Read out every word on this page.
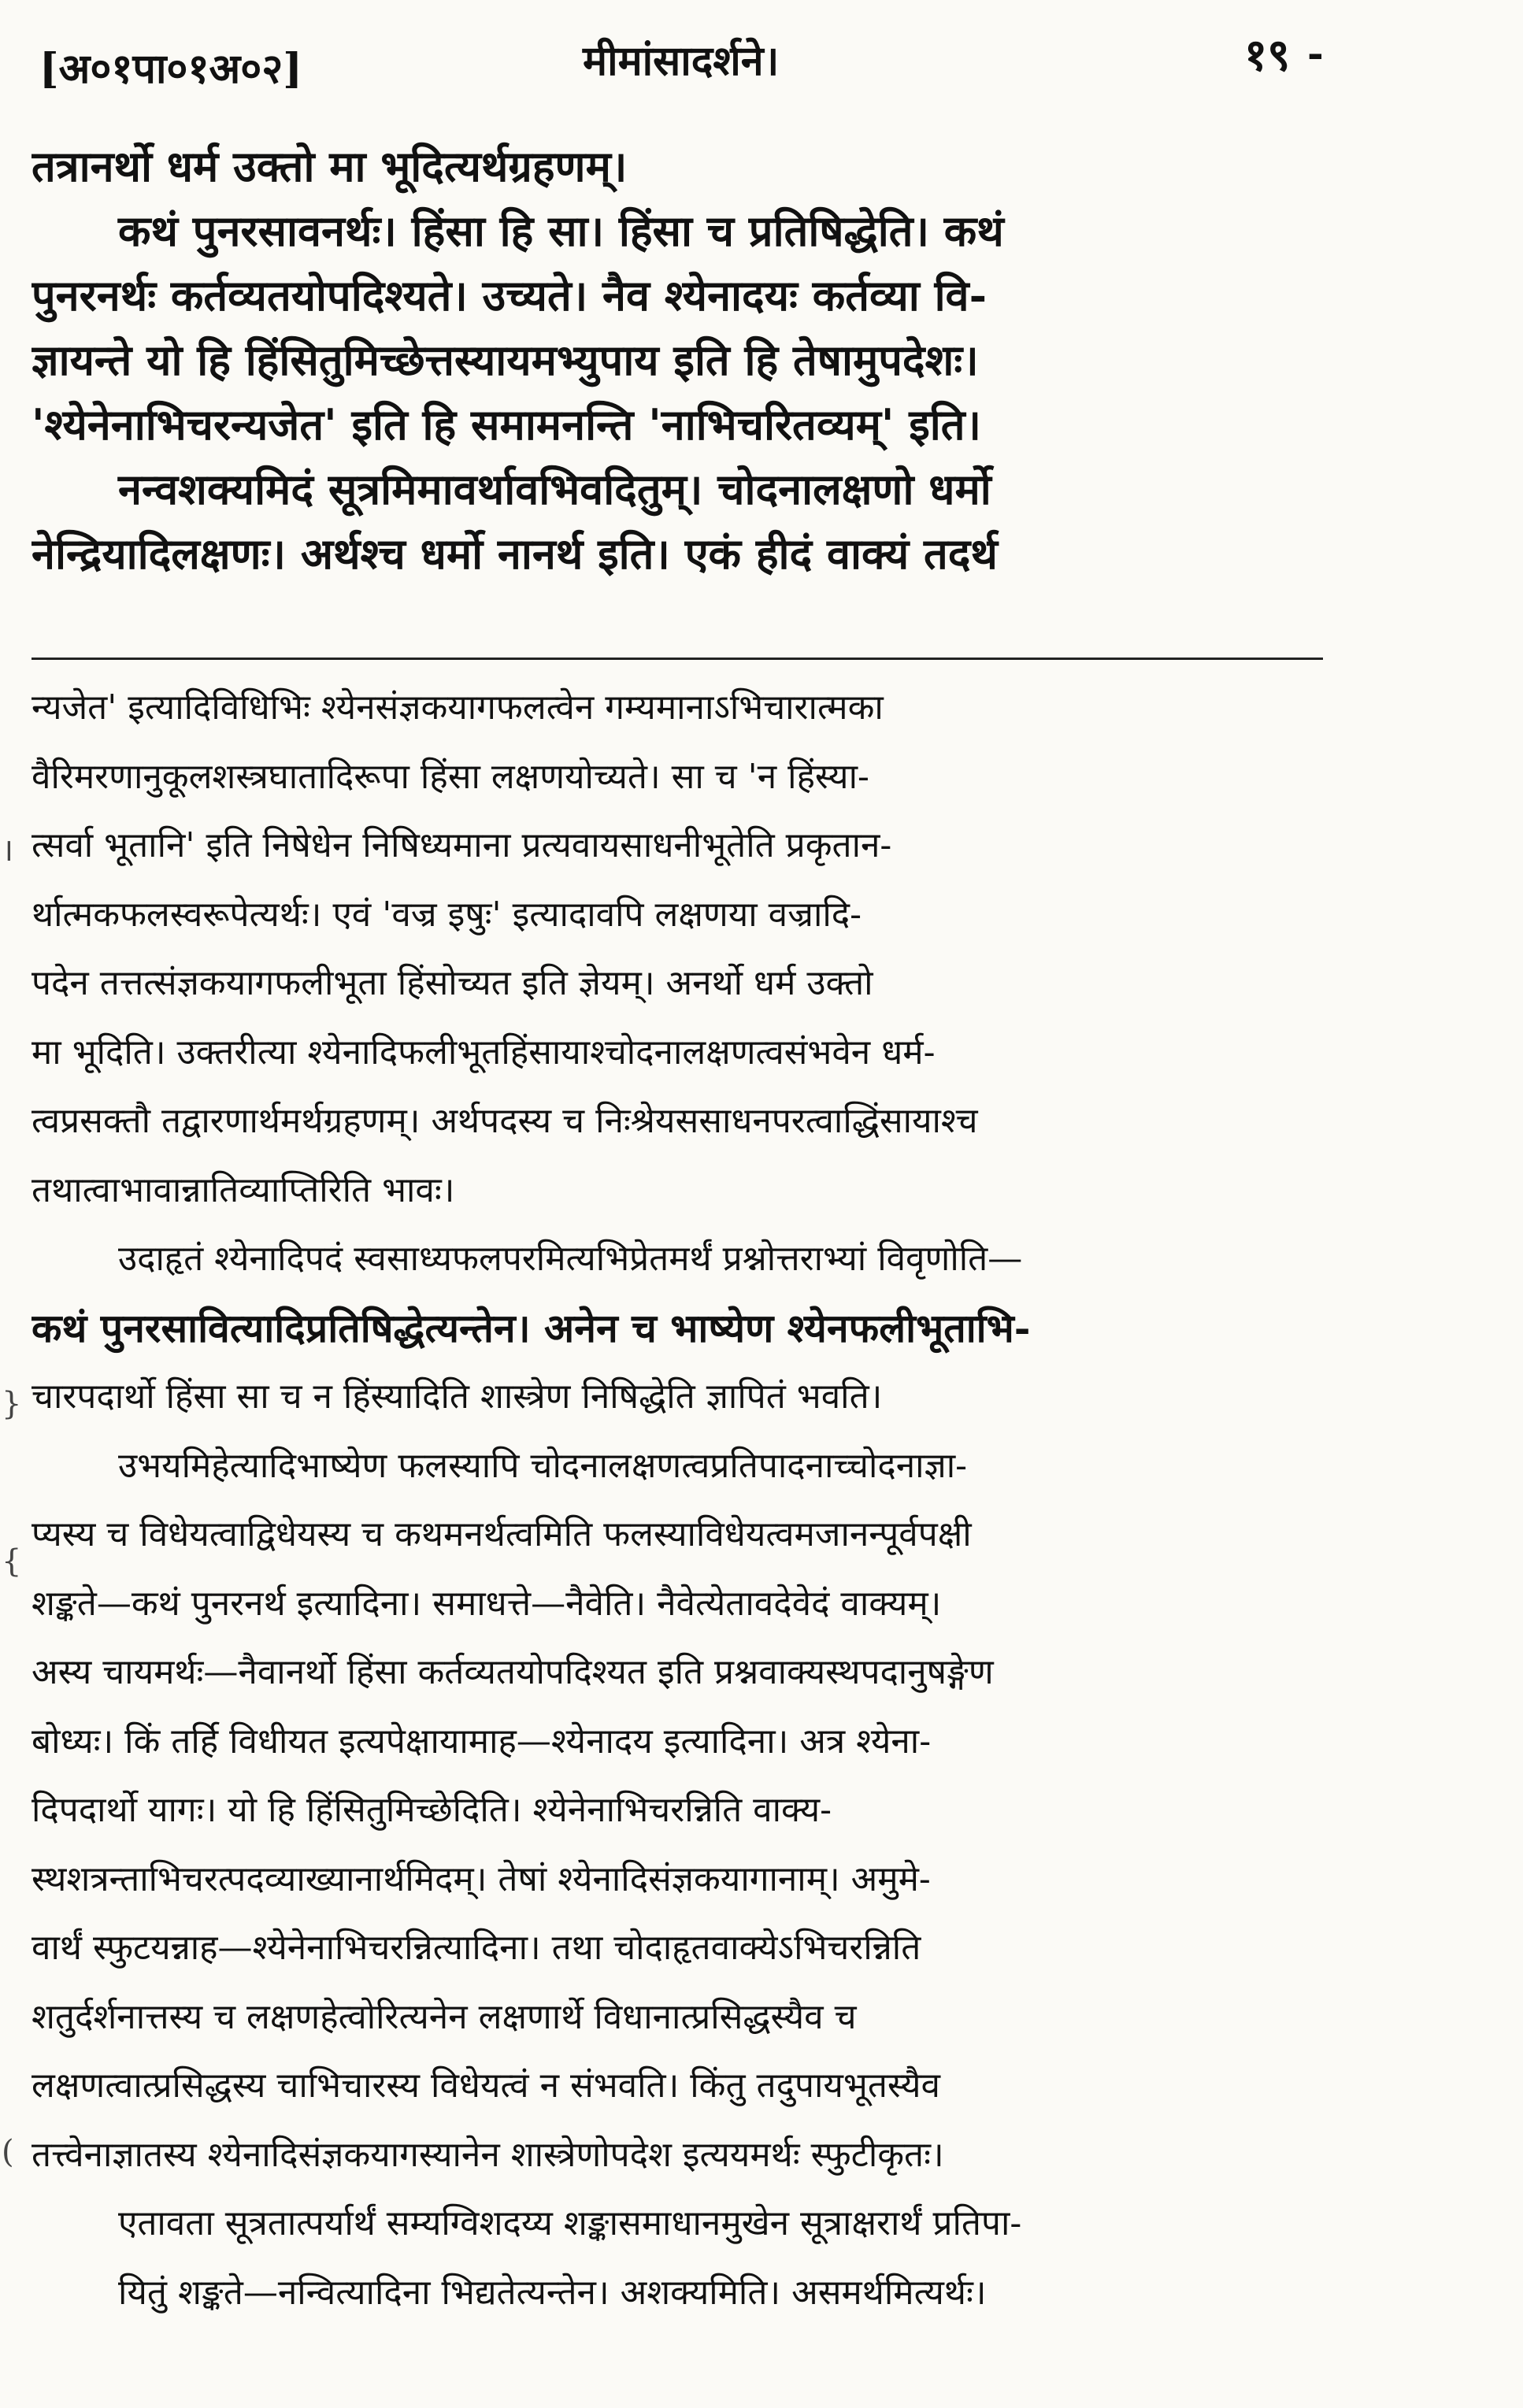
[अ०१पा०१अ०२]	मीमांसादर्शने।	१९ -
तत्रानर्थो धर्म उक्तो मा भूदित्यर्थग्रहणम्।
कथं पुनरसावनर्थः। हिंसा हि सा। हिंसा च प्रतिषिद्धेति। कथं
पुनरनर्थः कर्तव्यतयोपदिश्यते। उच्यते। नैव श्येनादयः कर्तव्या वि-
ज्ञायन्ते यो हि हिंसितुमिच्छेत्तस्यायमभ्युपाय इति हि तेषामुपदेशः।
'श्येनेनाभिचरन्यजेत' इति हि समामनन्ति 'नाभिचरितव्यम्' इति।
नन्वशक्यमिदं सूत्रमिमावर्थावभिवदितुम्। चोदनालक्षणो धर्मो
नेन्द्रियादिलक्षणः। अर्थश्च धर्मो नानर्थ इति। एकं हीदं वाक्यं तदर्थ
न्यजेत' इत्यादिविधिभिः श्येनसंज्ञकयागफलत्वेन गम्यमानाऽभिचारात्मका
वैरिमरणानुकूलशस्त्रघातादिरूपा हिंसा लक्षणयोच्यते। सा च 'न हिंस्या-
त्सर्वा भूतानि' इति निषेधेन निषिध्यमाना प्रत्यवायसाधनीभूतेति प्रकृतान-
र्थात्मकफलस्वरूपेत्यर्थः। एवं 'वज्र इषुः' इत्यादावपि लक्षणया वज्रादि-
पदेन तत्तत्संज्ञकयागफलीभूता हिंसोच्यत इति ज्ञेयम्। अनर्थो धर्म उक्तो
मा भूदिति। उक्तरीत्या श्येनादिफलीभूतहिंसायाश्चोदनालक्षणत्वसंभवेन धर्म-
त्वप्रसक्तौ तद्वारणार्थमर्थग्रहणम्। अर्थपदस्य च निःश्रेयससाधनपरत्वाद्धिंसायाश्च
तथात्वाभावान्नातिव्याप्तिरिति भावः।
उदाहृतं श्येनादिपदं स्वसाध्यफलपरमित्यभिप्रेतमर्थं प्रश्नोत्तराभ्यां विवृणोति—
कथं पुनरसावित्यादिप्रतिषिद्धेत्यन्तेन। अनेन च भाष्येण श्येनफलीभूताभि-
चारपदार्थो हिंसा सा च न हिंस्यादिति शास्त्रेण निषिद्धेति ज्ञापितं भवति।
उभयमिहेत्यादिभाष्येण फलस्यापि चोदनालक्षणत्वप्रतिपादनाच्चोदनाज्ञा-
प्यस्य च विधेयत्वाद्विधेयस्य च कथमनर्थत्वमिति फलस्याविधेयत्वमजानन्पूर्वपक्षी
शङ्कते—कथं पुनरनर्थ इत्यादिना। समाधत्ते—नैवेति। नैवेत्येतावदेवेदं वाक्यम्।
अस्य चायमर्थः—नैवानर्थो हिंसा कर्तव्यतयोपदिश्यत इति प्रश्नवाक्यस्थपदानुषङ्गेण
बोध्यः। किं तर्हि विधीयत इत्यपेक्षायामाह—श्येनादय इत्यादिना। अत्र श्येना-
दिपदार्थो यागः। यो हि हिंसितुमिच्छेदिति। श्येनेनाभिचरन्निति वाक्य-
स्थशत्रन्ताभिचरत्पदव्याख्यानार्थमिदम्। तेषां श्येनादिसंज्ञकयागानाम्। अमुमे-
वार्थं स्फुटयन्नाह—श्येनेनाभिचरन्नित्यादिना। तथा चोदाहृतवाक्येऽभिचरन्निति
शतुर्दर्शनात्तस्य च लक्षणहेत्वोरित्यनेन लक्षणार्थे विधानात्प्रसिद्धस्यैव च
लक्षणत्वात्प्रसिद्धस्य चाभिचारस्य विधेयत्वं न संभवति। किंतु तदुपायभूतस्यैव
तत्त्वेनाज्ञातस्य श्येनादिसंज्ञकयागस्यानेन शास्त्रेणोपदेश इत्ययमर्थः स्फुटीकृतः।
एतावता सूत्रतात्पर्यार्थं सम्यग्विशदय्य शङ्कासमाधानमुखेन सूत्राक्षरार्थं प्रतिपा-
यितुं शङ्कते—नन्वित्यादिना भिद्यतेत्यन्तेन। अशक्यमिति। असमर्थमित्यर्थः।
।
}
{
(
